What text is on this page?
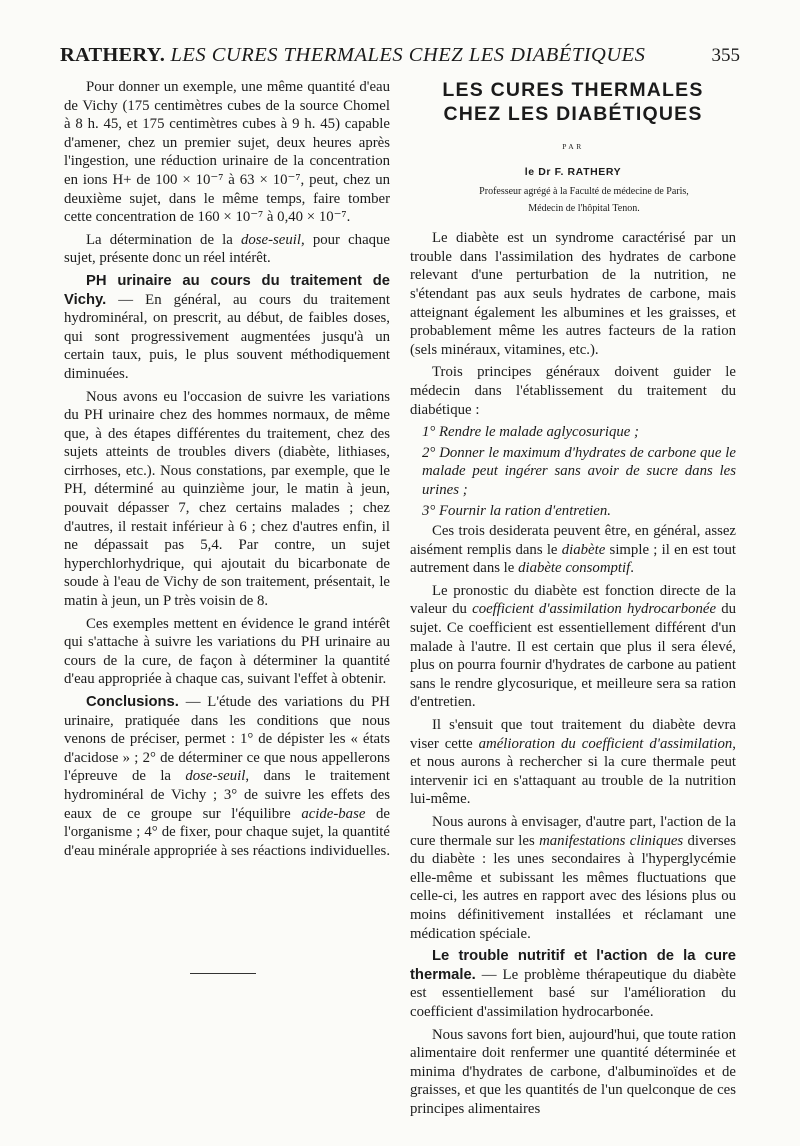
RATHERY. LES CURES THERMALES CHEZ LES DIABÉTIQUES	355

Pour donner un exemple, une même quantité d'eau de Vichy (175 centimètres cubes de la source Chomel à 8 h. 45, et 175 centimètres cubes à 9 h. 45) capable d'amener, chez un premier sujet, deux heures après l'ingestion, une réduction urinaire de la concentration en ions H+ de 100 × 10⁻⁷ à 63 × 10⁻⁷, peut, chez un deuxième sujet, dans le même temps, faire tomber cette concentration de 160 × 10⁻⁷ à 0,40 × 10⁻⁷.

La détermination de la dose-seuil, pour chaque sujet, présente donc un réel intérêt.

PH urinaire au cours du traitement de Vichy. — En général, au cours du traitement hydrominéral, on prescrit, au début, de faibles doses, qui sont progressivement augmentées jusqu'à un certain taux, puis, le plus souvent méthodiquement diminuées.

Nous avons eu l'occasion de suivre les variations du PH urinaire chez des hommes normaux, de même que, à des étapes différentes du traitement, chez des sujets atteints de troubles divers (diabète, lithiases, cirrhoses, etc.). Nous constations, par exemple, que le PH, déterminé au quinzième jour, le matin à jeun, pouvait dépasser 7, chez certains malades ; chez d'autres, il restait inférieur à 6 ; chez d'autres enfin, il ne dépassait pas 5,4. Par contre, un sujet hyperchlorhydrique, qui ajoutait du bicarbonate de soude à l'eau de Vichy de son traitement, présentait, le matin à jeun, un P très voisin de 8.

Ces exemples mettent en évidence le grand intérêt qui s'attache à suivre les variations du PH urinaire au cours de la cure, de façon à déterminer la quantité d'eau appropriée à chaque cas, suivant l'effet à obtenir.

Conclusions. — L'étude des variations du PH urinaire, pratiquée dans les conditions que nous venons de préciser, permet : 1° de dépister les « états d'acidose » ; 2° de déterminer ce que nous appellerons l'épreuve de la dose-seuil, dans le traitement hydrominéral de Vichy ; 3° de suivre les effets des eaux de ce groupe sur l'équilibre acide-base de l'organisme ; 4° de fixer, pour chaque sujet, la quantité d'eau minérale appropriée à ses réactions individuelles.

LES CURES THERMALES
CHEZ LES DIABÉTIQUES
PAR
le Dr F. RATHERY

Professeur agrégé à la Faculté de médecine de Paris,

Médecin de l'hôpital Tenon.

Le diabète est un syndrome caractérisé par un trouble dans l'assimilation des hydrates de carbone relevant d'une perturbation de la nutrition, ne s'étendant pas aux seuls hydrates de carbone, mais atteignant également les albumines et les graisses, et probablement même les autres facteurs de la ration (sels minéraux, vitamines, etc.).

Trois principes généraux doivent guider le médecin dans l'établissement du traitement du diabétique :

1° Rendre le malade aglycosurique ;

2° Donner le maximum d'hydrates de carbone que le malade peut ingérer sans avoir de sucre dans les urines ;

3° Fournir la ration d'entretien.

Ces trois desiderata peuvent être, en général, assez aisément remplis dans le diabète simple ; il en est tout autrement dans le diabète consomptif.

Le pronostic du diabète est fonction directe de la valeur du coefficient d'assimilation hydrocarbonée du sujet. Ce coefficient est essentiellement différent d'un malade à l'autre. Il est certain que plus il sera élevé, plus on pourra fournir d'hydrates de carbone au patient sans le rendre glycosurique, et meilleure sera sa ration d'entretien.

Il s'ensuit que tout traitement du diabète devra viser cette amélioration du coefficient d'assimilation, et nous aurons à rechercher si la cure thermale peut intervenir ici en s'attaquant au trouble de la nutrition lui-même.

Nous aurons à envisager, d'autre part, l'action de la cure thermale sur les manifestations cliniques diverses du diabète : les unes secondaires à l'hyperglycémie elle-même et subissant les mêmes fluctuations que celle-ci, les autres en rapport avec des lésions plus ou moins définitivement installées et réclamant une médication spéciale.

Le trouble nutritif et l'action de la cure thermale. — Le problème thérapeutique du diabète est essentiellement basé sur l'amélioration du coefficient d'assimilation hydrocarbonée.

Nous savons fort bien, aujourd'hui, que toute ration alimentaire doit renfermer une quantité déterminée et minima d'hydrates de carbone, d'albuminoïdes et de graisses, et que les quantités de l'un quelconque de ces principes alimentaires
